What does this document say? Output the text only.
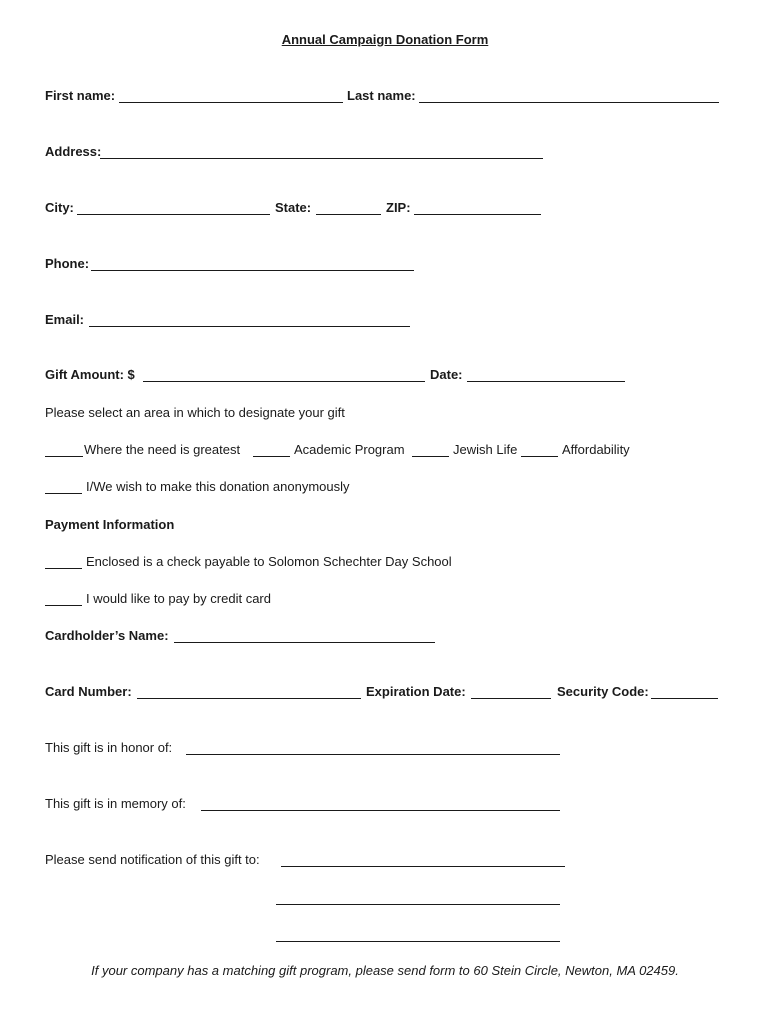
Annual Campaign Donation Form
First name:	Last name:
Address:
City:	State:	ZIP:
Phone:
Email:
Gift Amount: $	Date:
Please select an area in which to designate your gift
Where the need is greatest	Academic Program	Jewish Life	Affordability
I/We wish to make this donation anonymously
Payment Information
Enclosed is a check payable to Solomon Schechter Day School
I would like to pay by credit card
Cardholder’s Name:
Card Number:	Expiration Date:	Security Code:
This gift is in honor of:
This gift is in memory of:
Please send notification of this gift to:
If your company has a matching gift program, please send form to 60 Stein Circle, Newton, MA 02459.
